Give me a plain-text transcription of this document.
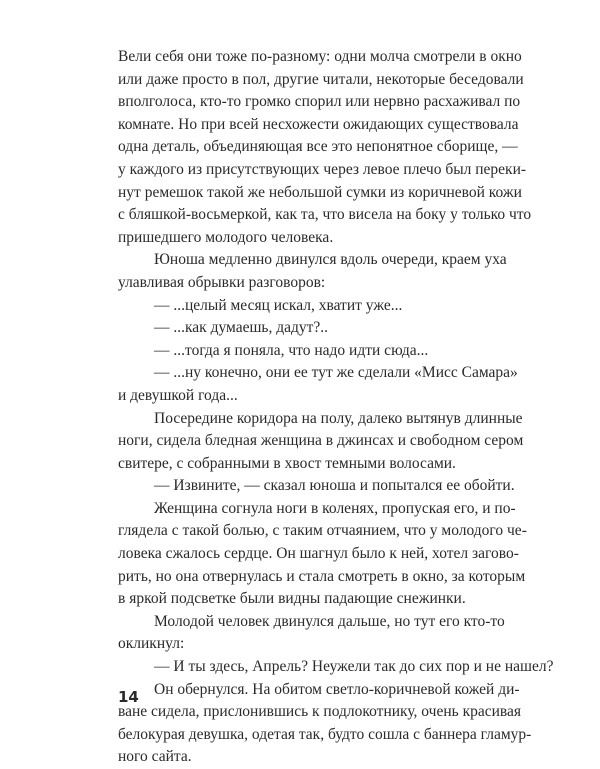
Вели себя они тоже по-разному: одни молча смотрели в окно
или даже просто в пол, другие читали, некоторые беседовали
вполголоса, кто-то громко спорил или нервно расхаживал по
комнате. Но при всей несхожести ожидающих существовала
одна деталь, объединяющая все это непонятное сборище, —
у каждого из присутствующих через левое плечо был переки-
нут ремешок такой же небольшой сумки из коричневой кожи
с бляшкой-восьмеркой, как та, что висела на боку у только что
пришедшего молодого человека.
Юноша медленно двинулся вдоль очереди, краем уха
улавливая обрывки разговоров:
— ...целый месяц искал, хватит уже...
— ...как думаешь, дадут?..
— ...тогда я поняла, что надо идти сюда...
— ...ну конечно, они ее тут же сделали «Мисс Самара»
и девушкой года...
Посередине коридора на полу, далеко вытянув длинные
ноги, сидела бледная женщина в джинсах и свободном сером
свитере, с собранными в хвост темными волосами.
— Извините, — сказал юноша и попытался ее обойти.
Женщина согнула ноги в коленях, пропуская его, и по-
глядела с такой болью, с таким отчаянием, что у молодого че-
ловека сжалось сердце. Он шагнул было к ней, хотел загово-
рить, но она отвернулась и стала смотреть в окно, за которым
в яркой подсветке были видны падающие снежинки.
Молодой человек двинулся дальше, но тут его кто-то
окликнул:
— И ты здесь, Апрель? Неужели так до сих пор и не нашел?
Он обернулся. На обитом светло-коричневой кожей ди-
ване сидела, прислонившись к подлокотнику, очень красивая
белокурая девушка, одетая так, будто сошла с баннера гламур-
ного сайта.
14
